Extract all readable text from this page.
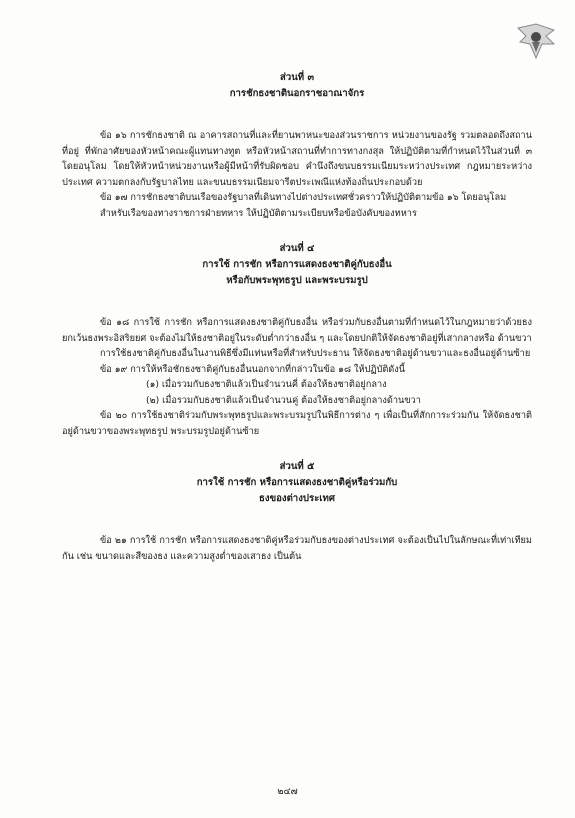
ส่วนที่ ๓

การชักธงชาตินอกราชอาณาจักร

ข้อ ๑๖ การชักธงชาติ ณ อาคารสถานที่และที่ยานพาหนะของส่วนราชการ หน่วยงานของรัฐ รวมตลอดถึงสถานที่อยู่ ที่พักอาศัยของหัวหน้าคณะผู้แทนทางทูต หรือหัวหน้าสถานที่ทำการทางกงสุล ให้ปฏิบัติตามที่กำหนดไว้ในส่วนที่ ๓ โดยอนุโลม โดยให้หัวหน้าหน่วยงานหรือผู้มีหน้าที่รับผิดชอบ คำนึงถึงขนบธรรมเนียมระหว่างประเทศ กฎหมายระหว่างประเทศ ความตกลงกับรัฐบาลไทย และขนบธรรมเนียมจารีตประเพณีแห่งท้องถิ่นประกอบด้วย

ข้อ ๑๗ การชักธงชาติบนเรือของรัฐบาลที่เดินทางไปต่างประเทศชั่วคราวให้ปฏิบัติตามข้อ ๑๖ โดยอนุโลม

สำหรับเรือของทางราชการฝ่ายทหาร ให้ปฏิบัติตามระเบียบหรือข้อบังคับของทหาร

ส่วนที่ ๔

การใช้ การชัก หรือการแสดงธงชาติคู่กับธงอื่น

หรือกับพระพุทธรูป และพระบรมรูป

ข้อ ๑๘ การใช้ การชัก หรือการแสดงธงชาติคู่กับธงอื่น หรือร่วมกับธงอื่นตามที่กำหนดไว้ในกฎหมายว่าด้วยธง ยกเว้นธงพระอิสริยยศ จะต้องไม่ให้ธงชาติอยู่ในระดับต่ำกว่าธงอื่น ๆ และโดยปกติให้จัดธงชาติอยู่ที่เสากลางหรือ ด้านขวา

การใช้ธงชาติคู่กับธงอื่นในงานพิธีซึ่งมีแท่นหรือที่สำหรับประธาน ให้จัดธงชาติอยู่ด้านขวาและธงอื่นอยู่ด้านซ้าย

ข้อ ๑๙ การให้หรือชักธงชาติคู่กับธงอื่นนอกจากที่กล่าวในข้อ ๑๘ ให้ปฏิบัติดังนี้

(๑) เมื่อรวมกับธงชาติแล้วเป็นจำนวนคี่ ต้องให้ธงชาติอยู่กลาง

(๒) เมื่อรวมกับธงชาติแล้วเป็นจำนวนคู่ ต้องให้ธงชาติอยู่กลางด้านขวา

ข้อ ๒๐ การใช้ธงชาติร่วมกับพระพุทธรูปและพระบรมรูปในพิธีการต่าง ๆ เพื่อเป็นที่สักการะร่วมกัน ให้จัดธงชาติอยู่ด้านขวาของพระพุทธรูป พระบรมรูปอยู่ด้านซ้าย

ส่วนที่ ๕

การใช้ การชัก หรือการแสดงธงชาติคู่หรือร่วมกับ

ธงของต่างประเทศ

ข้อ ๒๑ การใช้ การชัก หรือการแสดงธงชาติคู่หรือร่วมกับธงของต่างประเทศ จะต้องเป็นไปในลักษณะที่เท่าเทียมกัน เช่น ขนาดและสีของธง และความสูงต่ำของเสาธง เป็นต้น

๒๔๗
